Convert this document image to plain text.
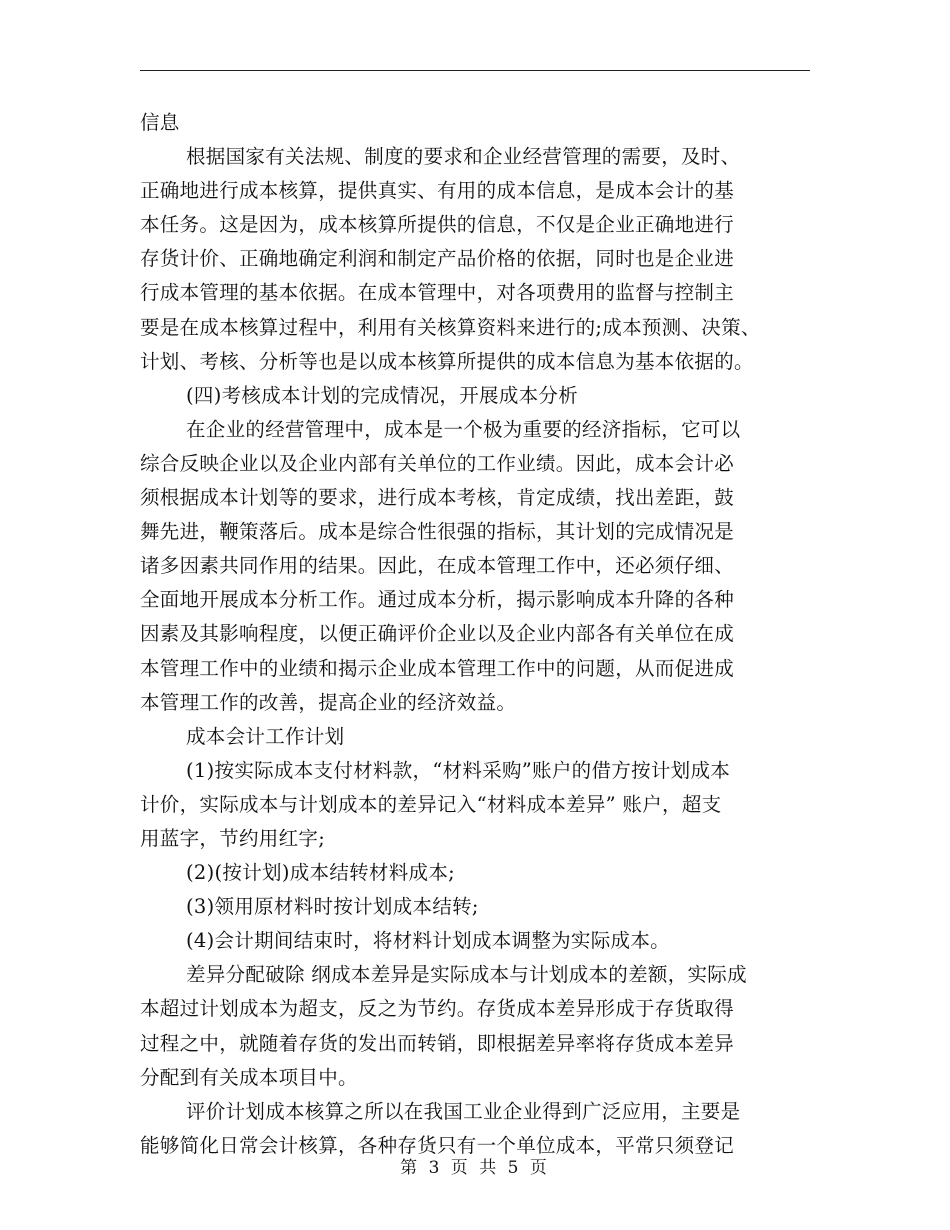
信息
根据国家有关法规、制度的要求和企业经营管理的需要，及时、
正确地进行成本核算，提供真实、有用的成本信息，是成本会计的基
本任务。这是因为，成本核算所提供的信息，不仅是企业正确地进行
存货计价、正确地确定利润和制定产品价格的依据，同时也是企业进
行成本管理的基本依据。在成本管理中，对各项费用的监督与控制主
要是在成本核算过程中，利用有关核算资料来进行的;成本预测、决策、
计划、考核、分析等也是以成本核算所提供的成本信息为基本依据的。
(四)考核成本计划的完成情况，开展成本分析
在企业的经营管理中，成本是一个极为重要的经济指标，它可以
综合反映企业以及企业内部有关单位的工作业绩。因此，成本会计必
须根据成本计划等的要求，进行成本考核，肯定成绩，找出差距，鼓
舞先进，鞭策落后。成本是综合性很强的指标，其计划的完成情况是
诸多因素共同作用的结果。因此，在成本管理工作中，还必须仔细、
全面地开展成本分析工作。通过成本分析，揭示影响成本升降的各种
因素及其影响程度，以便正确评价企业以及企业内部各有关单位在成
本管理工作中的业绩和揭示企业成本管理工作中的问题，从而促进成
本管理工作的改善，提高企业的经济效益。
成本会计工作计划
(1)按实际成本支付材料款，“材料采购”账户的借方按计划成本
计价，实际成本与计划成本的差异记入“材料成本差异” 账户，超支
用蓝字，节约用红字;
(2)(按计划)成本结转材料成本;
(3)领用原材料时按计划成本结转;
(4)会计期间结束时，将材料计划成本调整为实际成本。
差异分配破除 纲成本差异是实际成本与计划成本的差额，实际成
本超过计划成本为超支，反之为节约。存货成本差异形成于存货取得
过程之中，就随着存货的发出而转销，即根据差异率将存货成本差异
分配到有关成本项目中。
评价计划成本核算之所以在我国工业企业得到广泛应用，主要是
能够简化日常会计核算，各种存货只有一个单位成本，平常只须登记
第 3 页 共 5 页
